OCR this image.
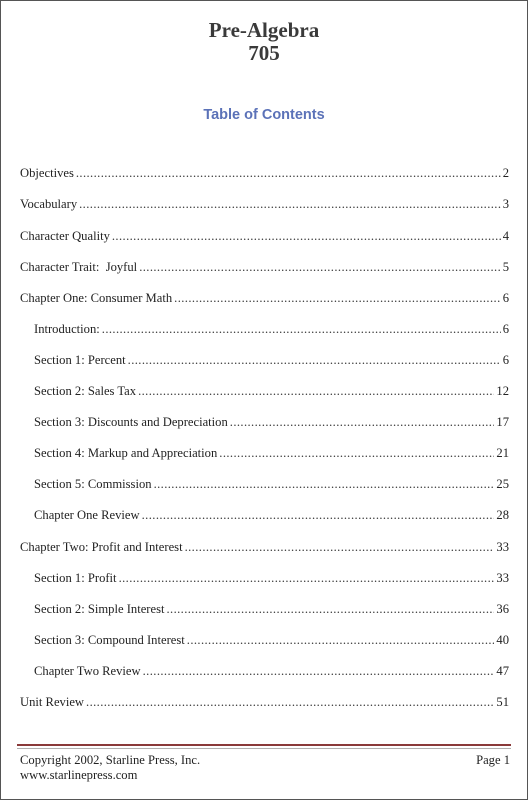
Pre-Algebra
705
Table of Contents
Objectives .....	2
Vocabulary .....	3
Character Quality .....	4
Character Trait:  Joyful .....	5
Chapter One: Consumer Math .....	6
Introduction: .....	6
Section 1: Percent .....	6
Section 2: Sales Tax .....	12
Section 3: Discounts and Depreciation .....	17
Section 4: Markup and Appreciation .....	21
Section 5: Commission .....	25
Chapter One Review .....	28
Chapter Two: Profit and Interest .....	33
Section 1: Profit .....	33
Section 2: Simple Interest .....	36
Section 3: Compound Interest .....	40
Chapter Two Review .....	47
Unit Review .....	51
Copyright 2002, Starline Press, Inc.
www.starlinepress.com
Page 1
